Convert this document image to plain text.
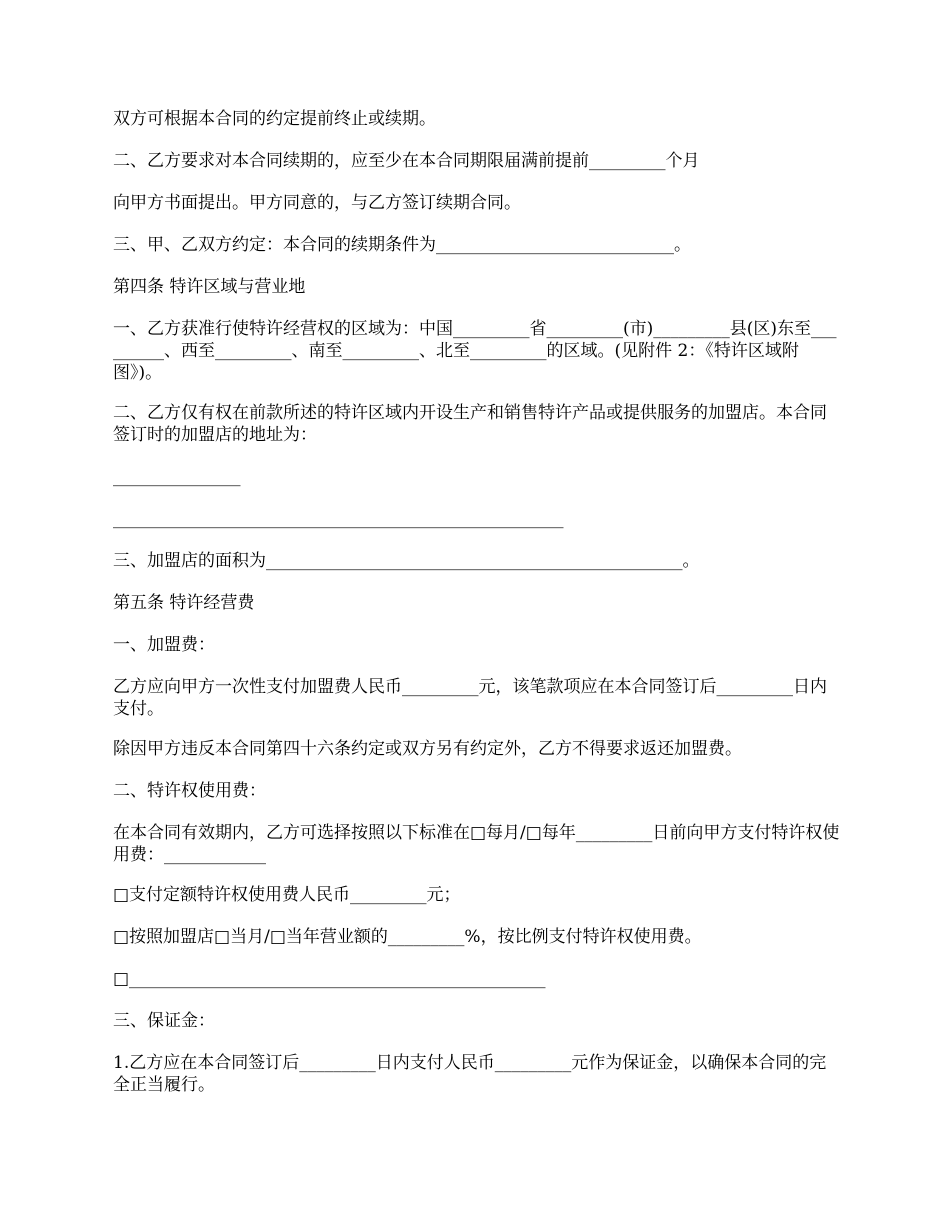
双方可根据本合同的约定提前终止或续期。

二、乙方要求对本合同续期的，应至少在本合同期限届满前提前_________个月

向甲方书面提出。甲方同意的，与乙方签订续期合同。

三、甲、乙双方约定：本合同的续期条件为____________________________。

第四条 特许区域与营业地

一、乙方获准行使特许经营权的区域为：中国_________省_________(市)_________县(区)东至_________、西至_________、南至_________、北至_________的区域。(见附件 2：《特许区域附图》)。

二、乙方仅有权在前款所述的特许区域内开设生产和销售特许产品或提供服务的加盟店。本合同签订时的加盟店的地址为：

_______________

_____________________________________________________

三、加盟店的面积为_________________________________________________。

第五条 特许经营费

一、加盟费：

乙方应向甲方一次性支付加盟费人民币_________元，该笔款项应在本合同签订后_________日内支付。

除因甲方违反本合同第四十六条约定或双方另有约定外，乙方不得要求返还加盟费。

二、特许权使用费：

在本合同有效期内，乙方可选择按照以下标准在□每月/□每年_________日前向甲方支付特许权使用费：____________

□支付定额特许权使用费人民币_________元；

□按照加盟店□当月/□当年营业额的_________%，按比例支付特许权使用费。

□_________________________________________________

三、保证金：

1.乙方应在本合同签订后_________日内支付人民币_________元作为保证金，以确保本合同的完全正当履行。
